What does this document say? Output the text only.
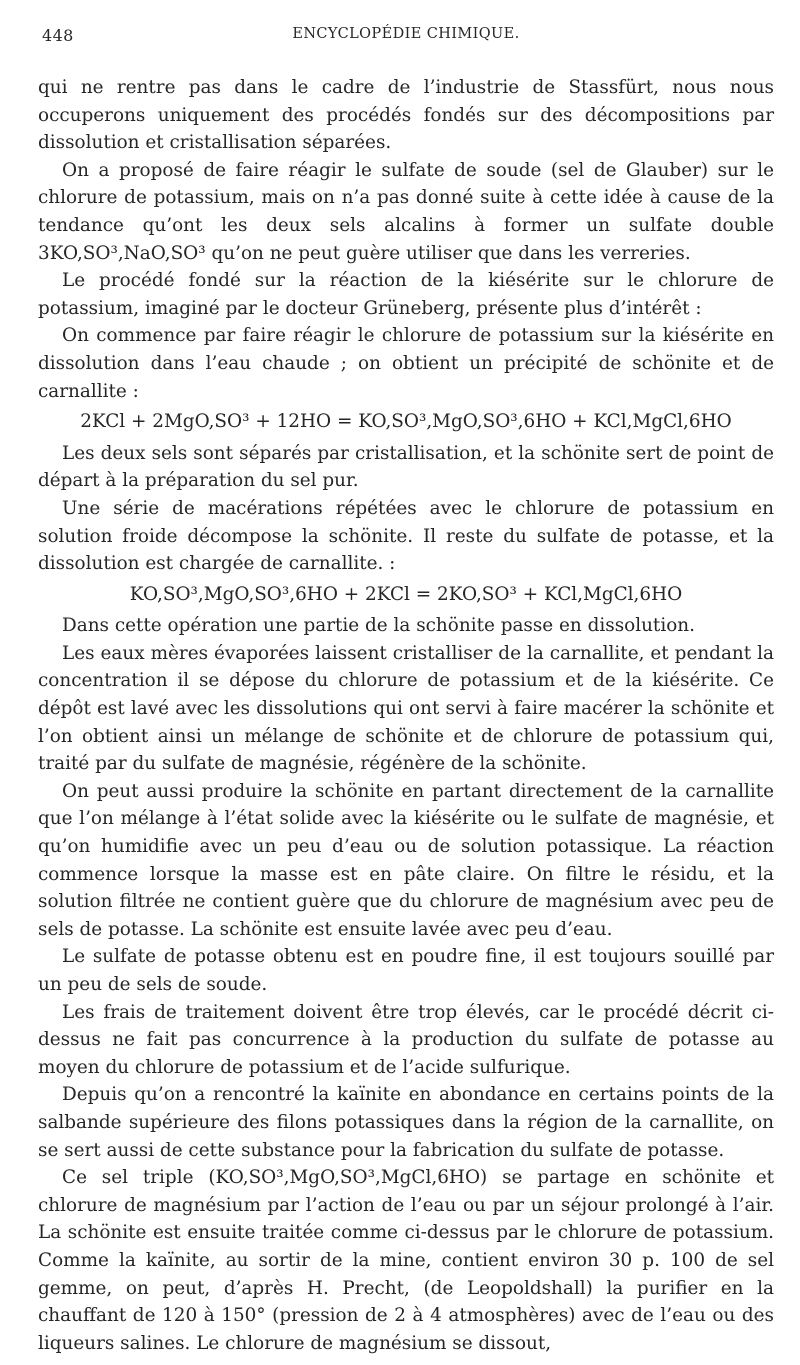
448	ENCYCLOPÉDIE CHIMIQUE.

qui ne rentre pas dans le cadre de l’industrie de Stassfürt, nous nous occuperons uniquement des procédés fondés sur des décompositions par dissolution et cristallisation séparées.

On a proposé de faire réagir le sulfate de soude (sel de Glauber) sur le chlorure de potassium, mais on n’a pas donné suite à cette idée à cause de la tendance qu’ont les deux sels alcalins à former un sulfate double 3KO,SO³,NaO,SO³ qu’on ne peut guère utiliser que dans les verreries.

Le procédé fondé sur la réaction de la kiésérite sur le chlorure de potassium, imaginé par le docteur Grüneberg, présente plus d’intérêt :

On commence par faire réagir le chlorure de potassium sur la kiésérite en dissolution dans l’eau chaude ; on obtient un précipité de schönite et de carnallite :

2KCl + 2MgO,SO³ + 12HO = KO,SO³,MgO,SO³,6HO + KCl,MgCl,6HO

Les deux sels sont séparés par cristallisation, et la schönite sert de point de départ à la préparation du sel pur.

Une série de macérations répétées avec le chlorure de potassium en solution froide décompose la schönite. Il reste du sulfate de potasse, et la dissolution est chargée de carnallite. :

KO,SO³,MgO,SO³,6HO + 2KCl = 2KO,SO³ + KCl,MgCl,6HO

Dans cette opération une partie de la schönite passe en dissolution.

Les eaux mères évaporées laissent cristalliser de la carnallite, et pendant la concentration il se dépose du chlorure de potassium et de la kiésérite. Ce dépôt est lavé avec les dissolutions qui ont servi à faire macérer la schönite et l’on obtient ainsi un mélange de schönite et de chlorure de potassium qui, traité par du sulfate de magnésie, régénère de la schönite.

On peut aussi produire la schönite en partant directement de la carnallite que l’on mélange à l’état solide avec la kiésérite ou le sulfate de magnésie, et qu’on humidifie avec un peu d’eau ou de solution potassique. La réaction commence lorsque la masse est en pâte claire. On filtre le résidu, et la solution filtrée ne contient guère que du chlorure de magnésium avec peu de sels de potasse. La schönite est ensuite lavée avec peu d’eau.

Le sulfate de potasse obtenu est en poudre fine, il est toujours souillé par un peu de sels de soude.

Les frais de traitement doivent être trop élevés, car le procédé décrit ci-dessus ne fait pas concurrence à la production du sulfate de potasse au moyen du chlorure de potassium et de l’acide sulfurique.

Depuis qu’on a rencontré la kaïnite en abondance en certains points de la salbande supérieure des filons potassiques dans la région de la carnallite, on se sert aussi de cette substance pour la fabrication du sulfate de potasse.

Ce sel triple (KO,SO³,MgO,SO³,MgCl,6HO) se partage en schönite et chlorure de magnésium par l’action de l’eau ou par un séjour prolongé à l’air. La schönite est ensuite traitée comme ci-dessus par le chlorure de potassium. Comme la kaïnite, au sortir de la mine, contient environ 30 p. 100 de sel gemme, on peut, d’après H. Precht, (de Leopoldshall) la purifier en la chauffant de 120 à 150° (pression de 2 à 4 atmosphères) avec de l’eau ou des liqueurs salines. Le chlorure de magnésium se dissout,
